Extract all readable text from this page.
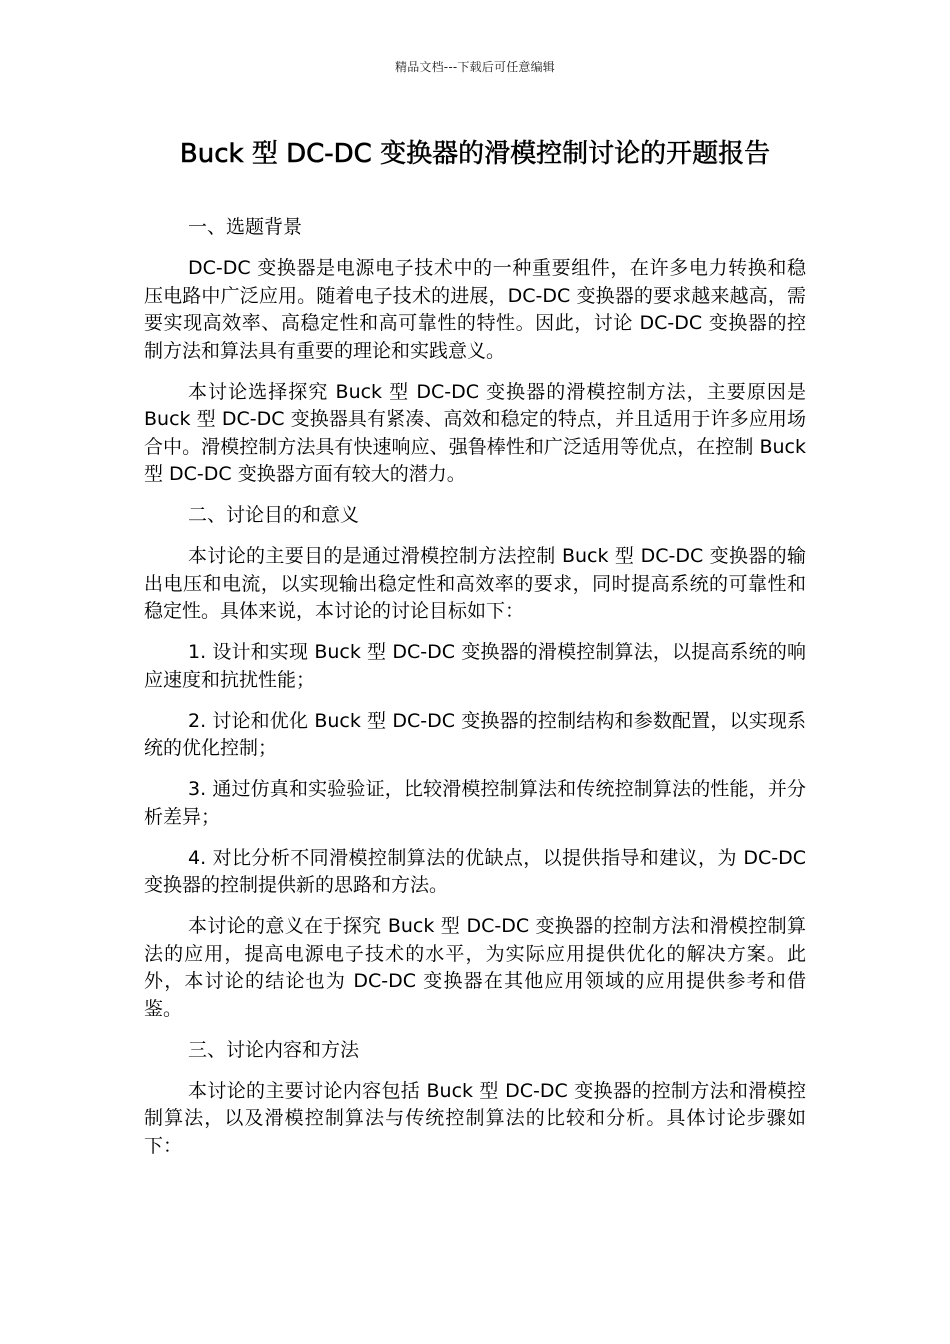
精品文档---下载后可任意编辑
Buck 型 DC-DC 变换器的滑模控制讨论的开题报告

一、选题背景

DC-DC 变换器是电源电子技术中的一种重要组件，在许多电力转换和稳压电路中广泛应用。随着电子技术的进展，DC-DC 变换器的要求越来越高，需要实现高效率、高稳定性和高可靠性的特性。因此，讨论 DC-DC 变换器的控制方法和算法具有重要的理论和实践意义。

本讨论选择探究 Buck 型 DC-DC 变换器的滑模控制方法，主要原因是 Buck 型 DC-DC 变换器具有紧凑、高效和稳定的特点，并且适用于许多应用场合中。滑模控制方法具有快速响应、强鲁棒性和广泛适用等优点，在控制 Buck 型 DC-DC 变换器方面有较大的潜力。

二、讨论目的和意义

本讨论的主要目的是通过滑模控制方法控制 Buck 型 DC-DC 变换器的输出电压和电流，以实现输出稳定性和高效率的要求，同时提高系统的可靠性和稳定性。具体来说，本讨论的讨论目标如下：

1. 设计和实现 Buck 型 DC-DC 变换器的滑模控制算法，以提高系统的响应速度和抗扰性能；

2. 讨论和优化 Buck 型 DC-DC 变换器的控制结构和参数配置，以实现系统的优化控制；

3. 通过仿真和实验验证，比较滑模控制算法和传统控制算法的性能，并分析差异；

4. 对比分析不同滑模控制算法的优缺点，以提供指导和建议，为 DC-DC 变换器的控制提供新的思路和方法。

本讨论的意义在于探究 Buck 型 DC-DC 变换器的控制方法和滑模控制算法的应用，提高电源电子技术的水平，为实际应用提供优化的解决方案。此外，本讨论的结论也为 DC-DC 变换器在其他应用领域的应用提供参考和借鉴。

三、讨论内容和方法

本讨论的主要讨论内容包括 Buck 型 DC-DC 变换器的控制方法和滑模控制算法，以及滑模控制算法与传统控制算法的比较和分析。具体讨论步骤如下：
